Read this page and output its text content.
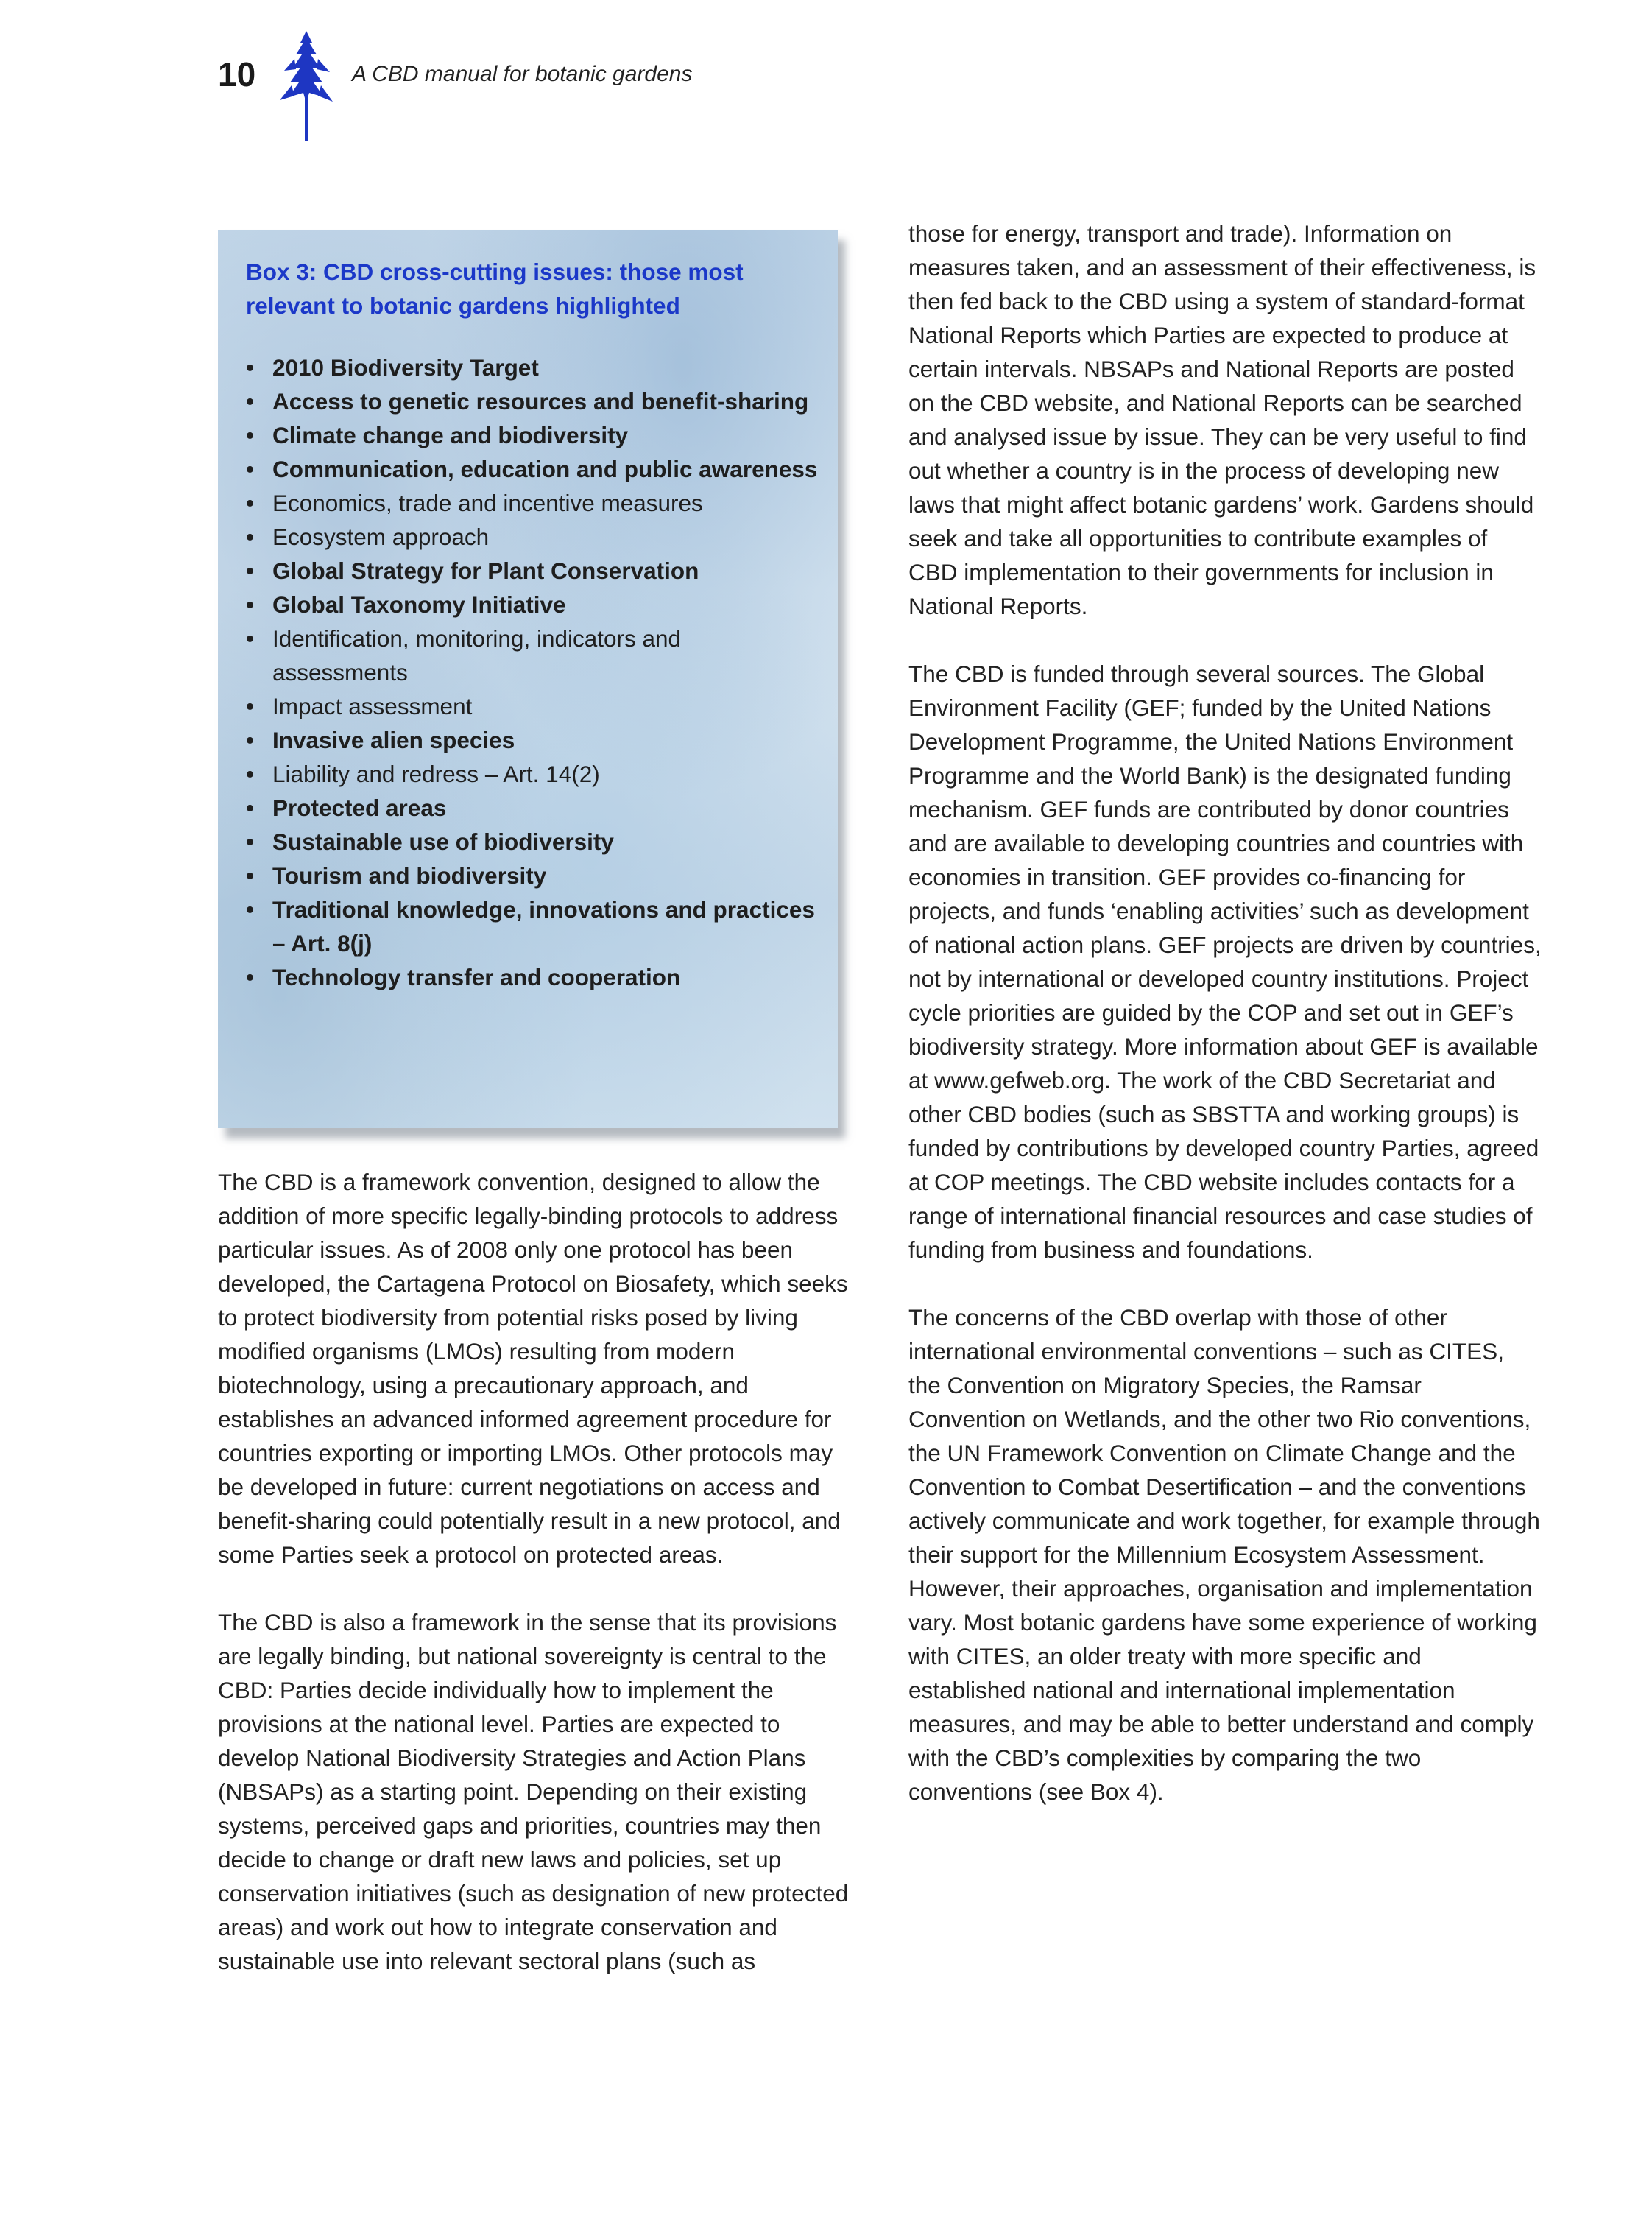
10	A CBD manual for botanic gardens
Box 3: CBD cross-cutting issues: those most relevant to botanic gardens highlighted
• 2010 Biodiversity Target
• Access to genetic resources and benefit-sharing
• Climate change and biodiversity
• Communication, education and public awareness
• Economics, trade and incentive measures
• Ecosystem approach
• Global Strategy for Plant Conservation
• Global Taxonomy Initiative
• Identification, monitoring, indicators and assessments
• Impact assessment
• Invasive alien species
• Liability and redress – Art. 14(2)
• Protected areas
• Sustainable use of biodiversity
• Tourism and biodiversity
• Traditional knowledge, innovations and practices – Art. 8(j)
• Technology transfer and cooperation

The CBD is a framework convention, designed to allow the addition of more specific legally-binding protocols to address particular issues. As of 2008 only one protocol has been developed, the Cartagena Protocol on Biosafety, which seeks to protect biodiversity from potential risks posed by living modified organisms (LMOs) resulting from modern biotechnology, using a precautionary approach, and establishes an advanced informed agreement procedure for countries exporting or importing LMOs. Other protocols may be developed in future: current negotiations on access and benefit-sharing could potentially result in a new protocol, and some Parties seek a protocol on protected areas.

The CBD is also a framework in the sense that its provisions are legally binding, but national sovereignty is central to the CBD: Parties decide individually how to implement the provisions at the national level. Parties are expected to develop National Biodiversity Strategies and Action Plans (NBSAPs) as a starting point. Depending on their existing systems, perceived gaps and priorities, countries may then decide to change or draft new laws and policies, set up conservation initiatives (such as designation of new protected areas) and work out how to integrate conservation and sustainable use into relevant sectoral plans (such as

those for energy, transport and trade). Information on measures taken, and an assessment of their effectiveness, is then fed back to the CBD using a system of standard-format National Reports which Parties are expected to produce at certain intervals. NBSAPs and National Reports are posted on the CBD website, and National Reports can be searched and analysed issue by issue. They can be very useful to find out whether a country is in the process of developing new laws that might affect botanic gardens’ work. Gardens should seek and take all opportunities to contribute examples of CBD implementation to their governments for inclusion in National Reports.

The CBD is funded through several sources. The Global Environment Facility (GEF; funded by the United Nations Development Programme, the United Nations Environment Programme and the World Bank) is the designated funding mechanism. GEF funds are contributed by donor countries and are available to developing countries and countries with economies in transition. GEF provides co-financing for projects, and funds ‘enabling activities’ such as development of national action plans. GEF projects are driven by countries, not by international or developed country institutions. Project cycle priorities are guided by the COP and set out in GEF’s biodiversity strategy. More information about GEF is available at www.gefweb.org. The work of the CBD Secretariat and other CBD bodies (such as SBSTTA and working groups) is funded by contributions by developed country Parties, agreed at COP meetings. The CBD website includes contacts for a range of international financial resources and case studies of funding from business and foundations.

The concerns of the CBD overlap with those of other international environmental conventions – such as CITES, the Convention on Migratory Species, the Ramsar Convention on Wetlands, and the other two Rio conventions, the UN Framework Convention on Climate Change and the Convention to Combat Desertification – and the conventions actively communicate and work together, for example through their support for the Millennium Ecosystem Assessment. However, their approaches, organisation and implementation vary. Most botanic gardens have some experience of working with CITES, an older treaty with more specific and established national and international implementation measures, and may be able to better understand and comply with the CBD’s complexities by comparing the two conventions (see Box 4).
